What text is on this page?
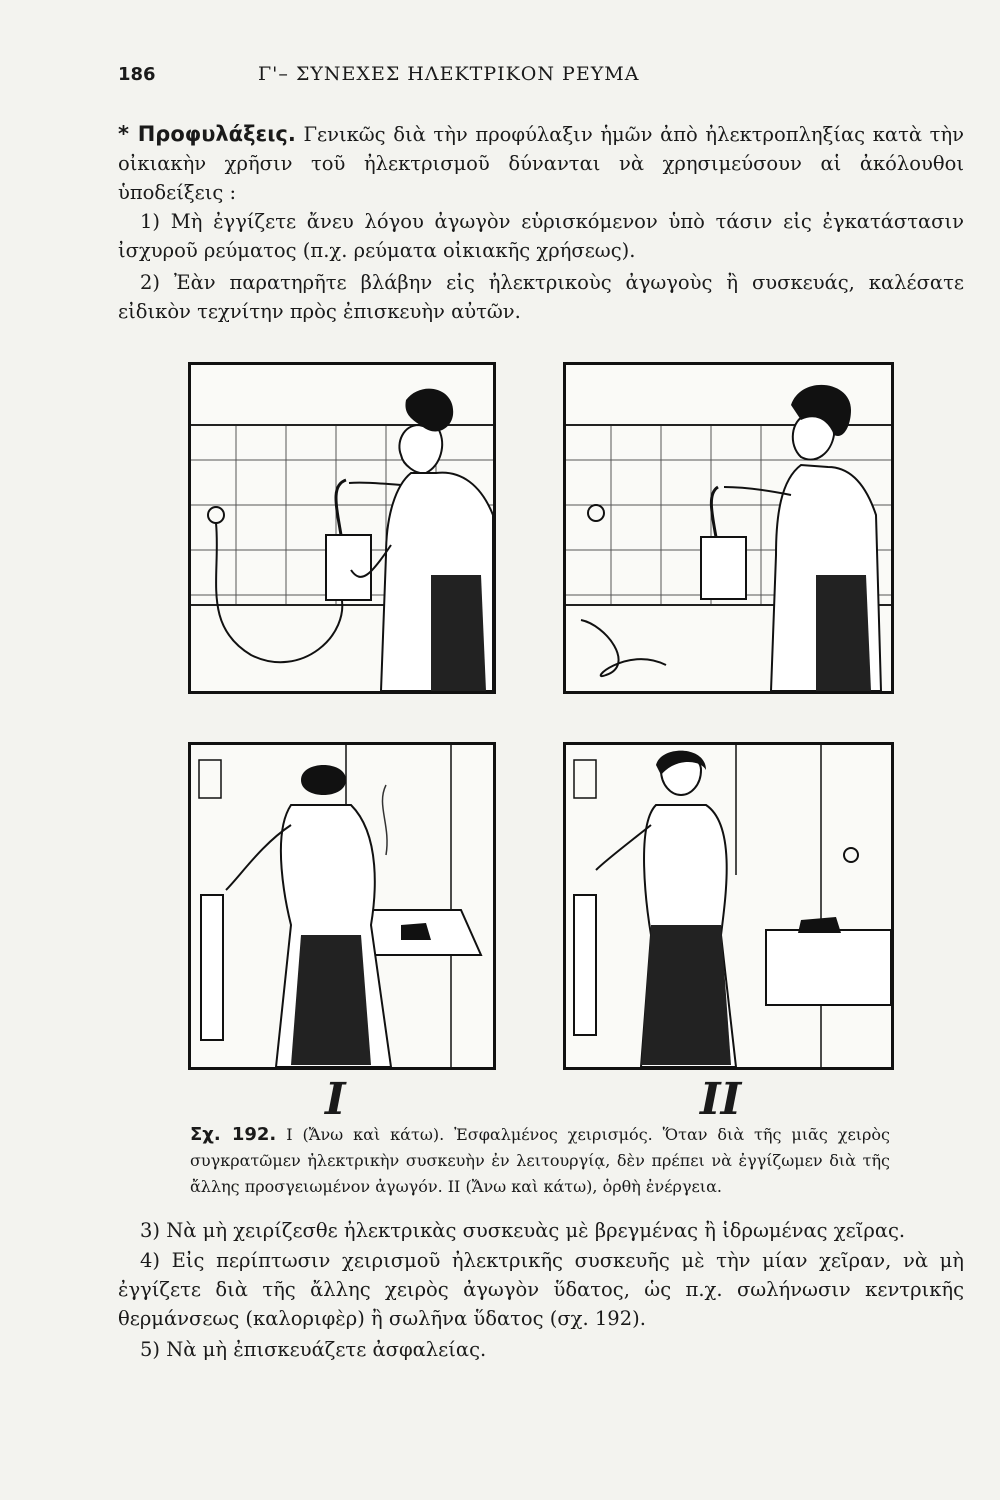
186	Γ'– ΣΥΝΕΧΕΣ ΗΛΕΚΤΡΙΚΟΝ ΡΕΥΜΑ
* Προφυλάξεις. Γενικῶς διὰ τὴν προφύλαξιν ἡμῶν ἀπὸ ἠλεκτροπληξίας κατὰ τὴν οἰκιακὴν χρῆσιν τοῦ ἠλεκτρισμοῦ δύνανται νὰ χρησιμεύσουν αἱ ἀκόλουθοι ὑποδείξεις :
1) Μὴ ἐγγίζετε ἄνευ λόγου ἀγωγὸν εὑρισκόμενον ὑπὸ τάσιν εἰς ἐγκατάστασιν ἰσχυροῦ ρεύματος (π.χ. ρεύματα οἰκιακῆς χρήσεως).
2) Ἐὰν παρατηρῆτε βλάβην εἰς ἠλεκτρικοὺς ἀγωγοὺς ἢ συσκευάς, καλέσατε εἰδικὸν τεχνίτην πρὸς ἐπισκευὴν αὐτῶν.
I	II
Σχ. 192. I (Ἄνω καὶ κάτω). Ἐσφαλμένος χειρισμός. Ὅταν διὰ τῆς μιᾶς χειρὸς συγκρατῶμεν ἠλεκτρικὴν συσκευὴν ἐν λειτουργίᾳ, δὲν πρέπει νὰ ἐγγίζωμεν διὰ τῆς ἄλλης προσγειωμένον ἀγωγόν. II (Ἄνω καὶ κάτω), ὀρθὴ ἐνέργεια.
3) Νὰ μὴ χειρίζεσθε ἠλεκτρικὰς συσκευὰς μὲ βρεγμένας ἢ ἱδρωμένας χεῖρας.
4) Εἰς περίπτωσιν χειρισμοῦ ἠλεκτρικῆς συσκευῆς μὲ τὴν μίαν χεῖραν, νὰ μὴ ἐγγίζετε διὰ τῆς ἄλλης χειρὸς ἀγωγὸν ὕδατος, ὡς π.χ. σωλήνωσιν κεντρικῆς θερμάνσεως (καλοριφὲρ) ἢ σωλῆνα ὕδατος (σχ. 192).
5) Νὰ μὴ ἐπισκευάζετε ἀσφαλείας.
